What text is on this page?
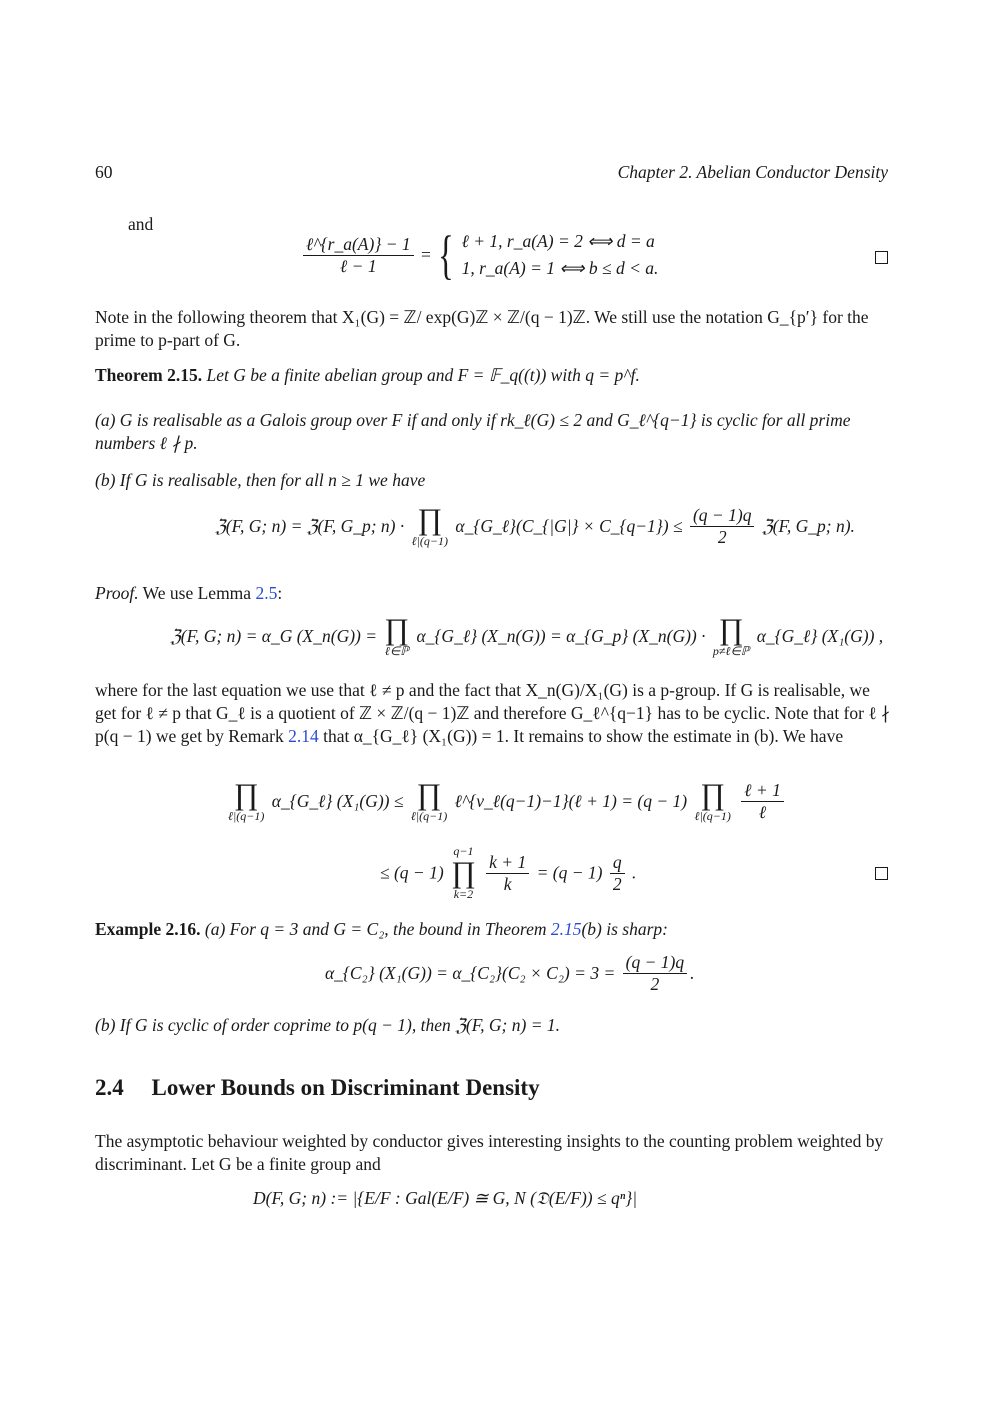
60	Chapter 2. Abelian Conductor Density
and
$\frac{\text{ℓ\textasciicircum{}\{r\_a(A)\} − 1}}{\text{ℓ − 1}}$ = { ℓ + 1, r_a(A) = 2 ⟺ d = a
1, r_a(A) = 1 ⟺ b ≤ d < a.
Note in the following theorem that X₁(G) = ℤ/ exp(G)ℤ × ℤ/(q − 1)ℤ. We still use the notation G_{p′} for the prime to p-part of G.
Theorem 2.15. Let G be a finite abelian group and F = 𝔽_q((t)) with q = p^f.
(a) G is realisable as a Galois group over F if and only if rk_ℓ(G) ≤ 2 and G_ℓ^{q−1} is cyclic for all prime numbers ℓ ∤ p.
(b) If G is realisable, then for all n ≥ 1 we have
ℨ(F, G; n) = ℨ(F, G_p; n) · ∏
ℓ|(q−1)
α_{G_ℓ}(C_{|G|} × C_{q−1}) ≤ $\frac{(q - 1)q}{2}$ ℨ(F, G_p; n).
Proof. We use Lemma 2.5:
ℨ(F, G; n) = α_G (X_n(G)) = ∏
ℓ∈ℙ
α_{G_ℓ} (X_n(G)) = α_{G_p} (X_n(G)) · ∏
p≠ℓ∈ℙ
α_{G_ℓ} (X₁(G)) ,
where for the last equation we use that ℓ ≠ p and the fact that X_n(G)/X₁(G) is a p-group. If G is realisable, we get for ℓ ≠ p that G_ℓ is a quotient of ℤ × ℤ/(q − 1)ℤ and therefore G_ℓ^{q−1} has to be cyclic. Note that for ℓ ∤ p(q − 1) we get by Remark 2.14 that α_{G_ℓ} (X₁(G)) = 1. It remains to show the estimate in (b). We have
∏
ℓ|(q−1)
α_{G_ℓ} (X₁(G)) ≤ ∏
ℓ|(q−1)
ℓ^{ν_ℓ(q−1)−1}(ℓ + 1) = (q − 1) ∏
ℓ|(q−1)
$\frac{\text{ℓ + 1}}{\text{ℓ}}$
≤ (q − 1)
q−1
∏
k=2
$\frac{k + 1}{k} = (q - 1) \frac{q}{2}$ .
Example 2.16. (a) For q = 3 and G = C₂, the bound in Theorem 2.15(b) is sharp:
α_{C₂} (X₁(G)) = α_{C₂}(C₂ × $C_2) = 3 = \frac{(q - 1)q}{2}$ .
(b) If G is cyclic of order coprime to p(q − 1), then ℨ(F, G; n) = 1.
2.4 Lower Bounds on Discriminant Density
The asymptotic behaviour weighted by conductor gives interesting insights to the counting problem weighted by discriminant. Let G be a finite group and
D(F, G; n) := |{E/F : Gal(E/F) ≅ G, N (𝔇(E/F)) ≤ qⁿ}|
